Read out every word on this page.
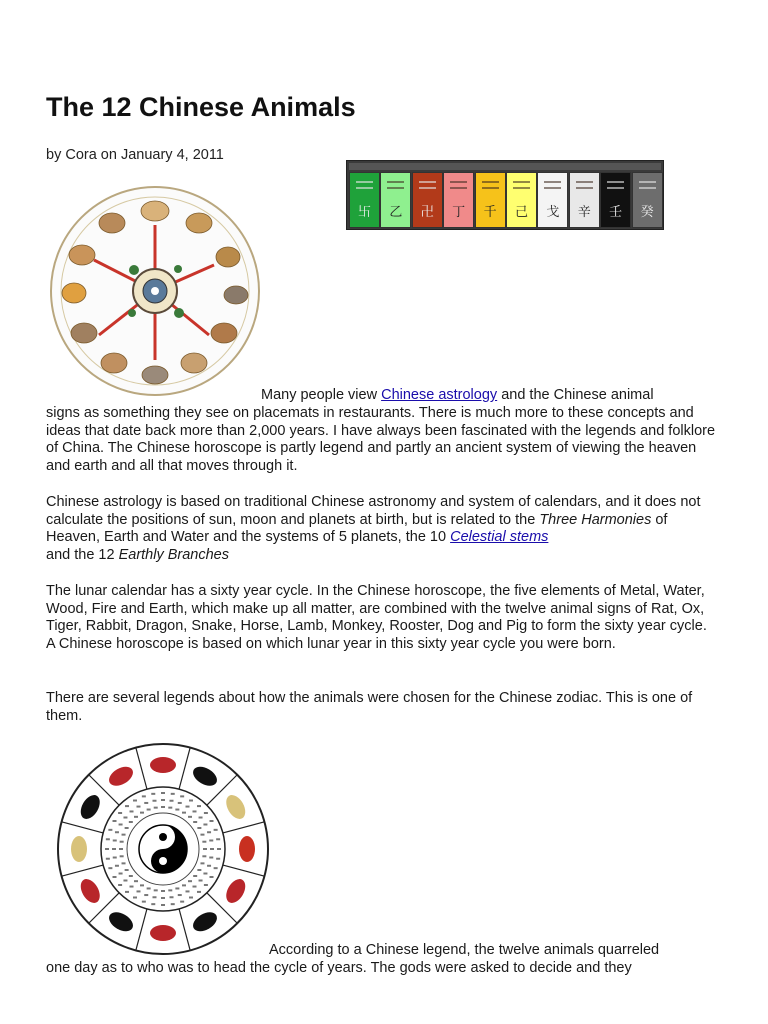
The 12 Chinese Animals
by Cora on January 4, 2011
卐 乙 卍 丁 千 己 戈 辛 壬 癸
Many people view Chinese astrology and the Chinese animal

signs as something they see on placemats in restaurants. There is much more to these concepts and ideas that date back more than 2,000 years. I have always been fascinated with the legends and folklore of China. The Chinese horoscope is partly legend and partly an ancient system of viewing the heaven and earth and all that moves through it.

Chinese astrology is based on traditional Chinese astronomy and system of calendars, and it does not calculate the positions of sun, moon and planets at birth, but is related to the Three Harmonies of Heaven, Earth and Water and the systems of 5 planets, the 10 Celestial stems
and the 12 Earthly Branches

The lunar calendar has a sixty year cycle. In the Chinese horoscope, the five elements of Metal, Water, Wood, Fire and Earth, which make up all matter, are combined with the twelve animal signs of Rat, Ox, Tiger, Rabbit, Dragon, Snake, Horse, Lamb, Monkey, Rooster, Dog and Pig to form the sixty year cycle. A Chinese horoscope is based on which lunar year in this sixty year cycle you were born.

There are several legends about how the animals were chosen for the Chinese zodiac. This is one of them.

According to a Chinese legend, the twelve animals quarreled

one day as to who was to head the cycle of years. The gods were asked to decide and they
